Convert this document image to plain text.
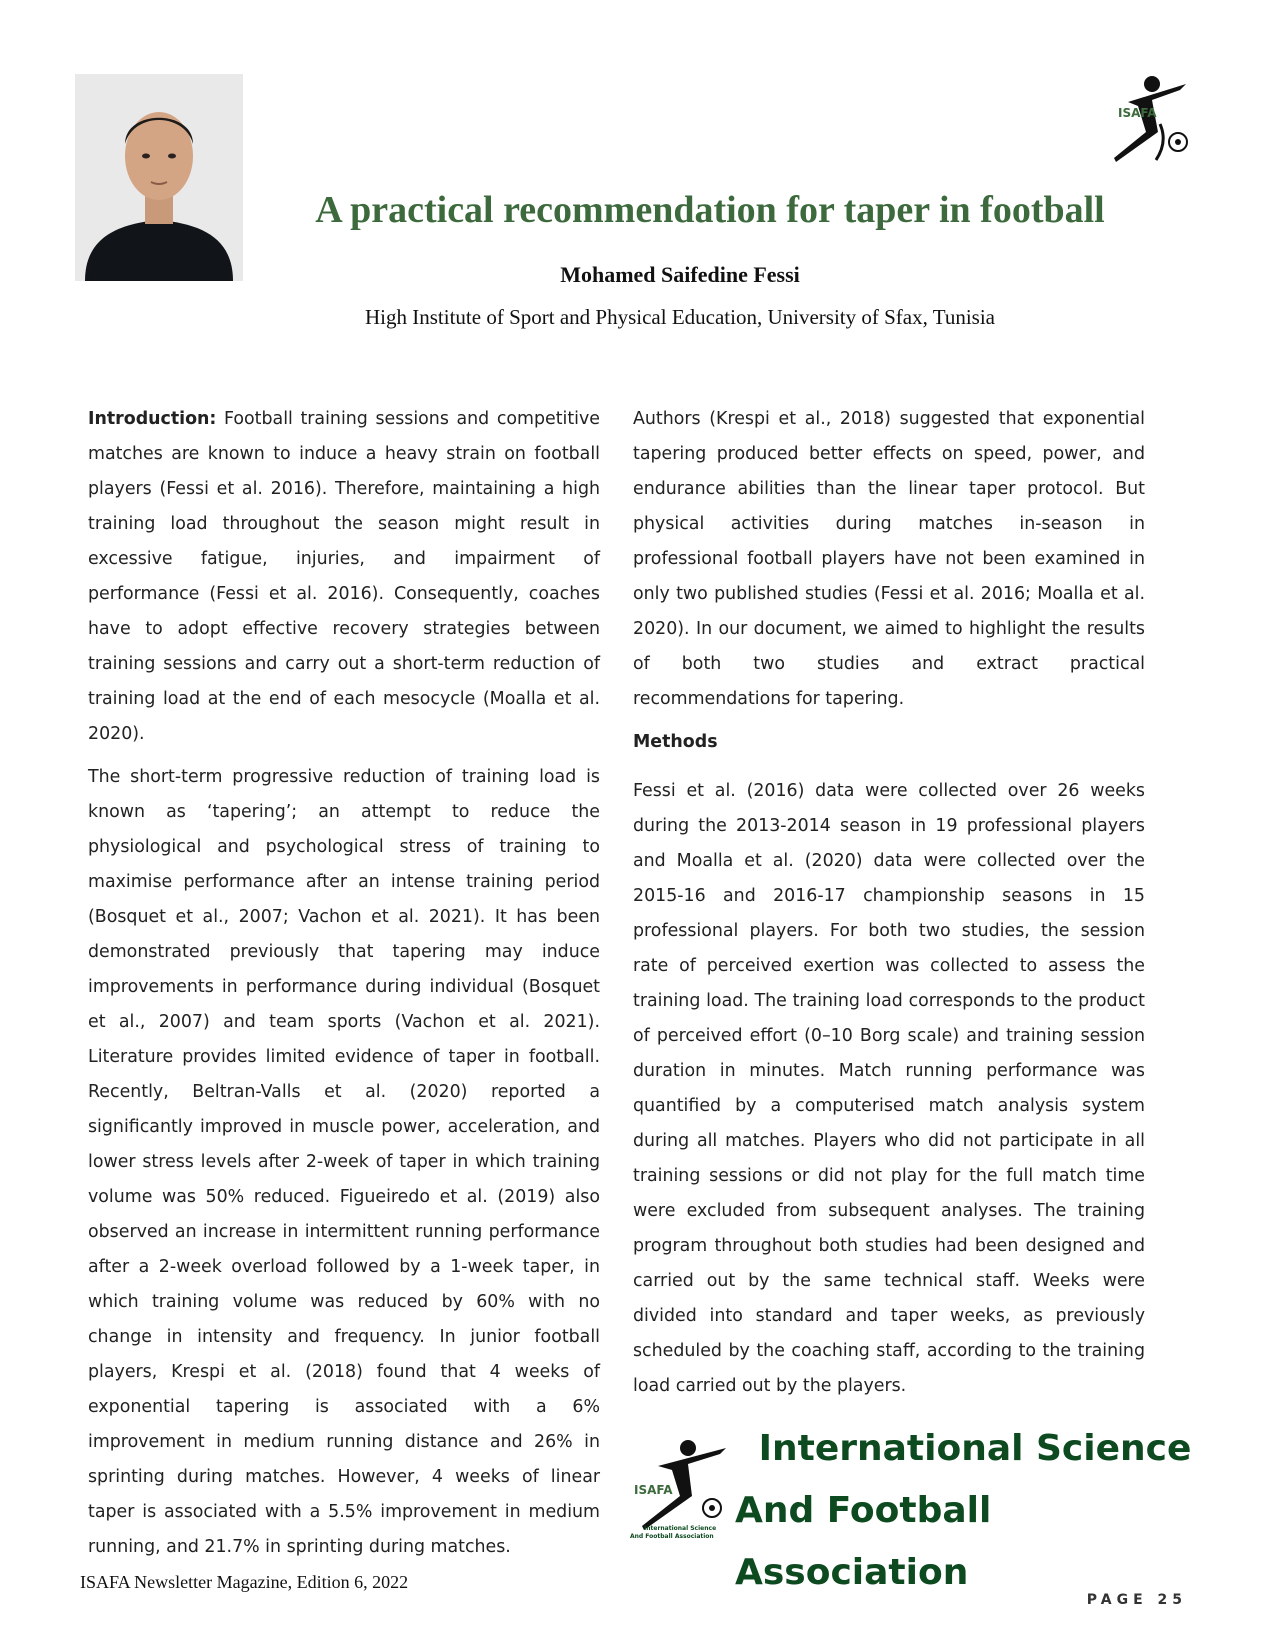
ISAFA
A practical recommendation for taper in football
Mohamed Saifedine Fessi
High Institute of Sport and Physical Education, University of Sfax, Tunisia

Introduction: Football training sessions and competitive matches are known to induce a heavy strain on football players (Fessi et al. 2016). Therefore, maintaining a high training load throughout the season might result in excessive fatigue, injuries, and impairment of performance (Fessi et al. 2016). Consequently, coaches have to adopt effective recovery strategies between training sessions and carry out a short-term reduction of training load at the end of each mesocycle (Moalla et al. 2020).

The short-term progressive reduction of training load is known as ‘tapering’; an attempt to reduce the physiological and psychological stress of training to maximise performance after an intense training period (Bosquet et al., 2007; Vachon et al. 2021). It has been demonstrated previously that tapering may induce improvements in performance during individual (Bosquet et al., 2007) and team sports (Vachon et al. 2021). Literature provides limited evidence of taper in football. Recently, Beltran-Valls et al. (2020) reported a significantly improved in muscle power, acceleration, and lower stress levels after 2-week of taper in which training volume was 50% reduced. Figueiredo et al. (2019) also observed an increase in intermittent running performance after a 2-week overload followed by a 1-week taper, in which training volume was reduced by 60% with no change in intensity and frequency. In junior football players, Krespi et al. (2018) found that 4 weeks of exponential tapering is associated with a 6% improvement in medium running distance and 26% in sprinting during matches. However, 4 weeks of linear taper is associated with a 5.5% improvement in medium running, and 21.7% in sprinting during matches.

Authors (Krespi et al., 2018) suggested that exponential tapering produced better effects on speed, power, and endurance abilities than the linear taper protocol. But physical activities during matches in-season in professional football players have not been examined in only two published studies (Fessi et al. 2016; Moalla et al. 2020). In our document, we aimed to highlight the results of both two studies and extract practical recommendations for tapering.

Methods

Fessi et al. (2016) data were collected over 26 weeks during the 2013-2014 season in 19 professional players and Moalla et al. (2020) data were collected over the 2015-16 and 2016-17 championship seasons in 15 professional players. For both two studies, the session rate of perceived exertion was collected to assess the training load. The training load corresponds to the product of perceived effort (0–10 Borg scale) and training session duration in minutes. Match running performance was quantified by a computerised match analysis system during all matches. Players who did not participate in all training sessions or did not play for the full match time were excluded from subsequent analyses. The training program throughout both studies had been designed and carried out by the same technical staff. Weeks were divided into standard and taper weeks, as previously scheduled by the coaching staff, according to the training load carried out by the players.

ISAFA
International Science
And Football Association
International Science
And Football Association
ISAFA Newsletter Magazine, Edition 6, 2022
PAGE 25
